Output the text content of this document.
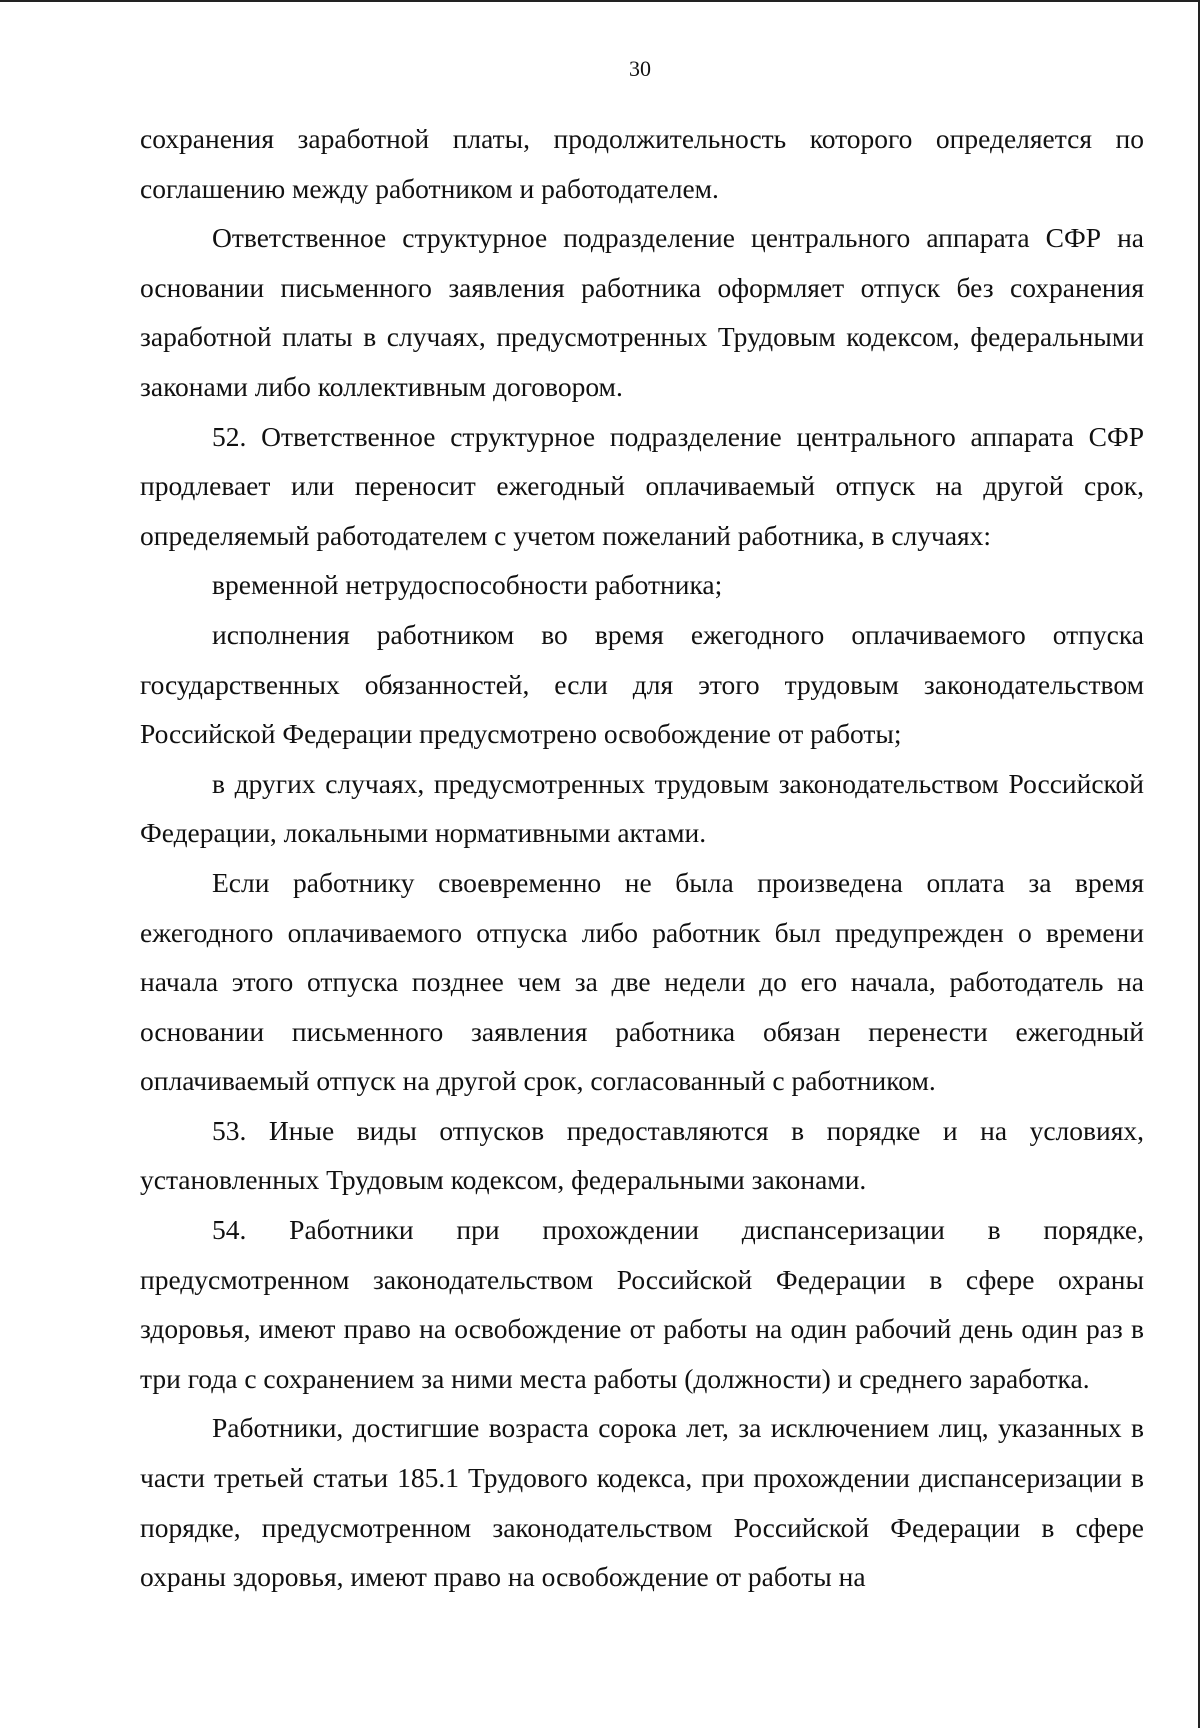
30

сохранения заработной платы, продолжительность которого определяется по соглашению между работником и работодателем.

Ответственное структурное подразделение центрального аппарата СФР на основании письменного заявления работника оформляет отпуск без сохранения заработной платы в случаях, предусмотренных Трудовым кодексом, федеральными законами либо коллективным договором.

52. Ответственное структурное подразделение центрального аппарата СФР продлевает или переносит ежегодный оплачиваемый отпуск на другой срок, определяемый работодателем с учетом пожеланий работника, в случаях:

временной нетрудоспособности работника;

исполнения работником во время ежегодного оплачиваемого отпуска государственных обязанностей, если для этого трудовым законодательством Российской Федерации предусмотрено освобождение от работы;

в других случаях, предусмотренных трудовым законодательством Российской Федерации, локальными нормативными актами.

Если работнику своевременно не была произведена оплата за время ежегодного оплачиваемого отпуска либо работник был предупрежден о времени начала этого отпуска позднее чем за две недели до его начала, работодатель на основании письменного заявления работника обязан перенести ежегодный оплачиваемый отпуск на другой срок, согласованный с работником.

53. Иные виды отпусков предоставляются в порядке и на условиях, установленных Трудовым кодексом, федеральными законами.

54. Работники при прохождении диспансеризации в порядке, предусмотренном законодательством Российской Федерации в сфере охраны здоровья, имеют право на освобождение от работы на один рабочий день один раз в три года с сохранением за ними места работы (должности) и среднего заработка.

Работники, достигшие возраста сорока лет, за исключением лиц, указанных в части третьей статьи 185.1 Трудового кодекса, при прохождении диспансеризации в порядке, предусмотренном законодательством Российской Федерации в сфере охраны здоровья, имеют право на освобождение от работы на
